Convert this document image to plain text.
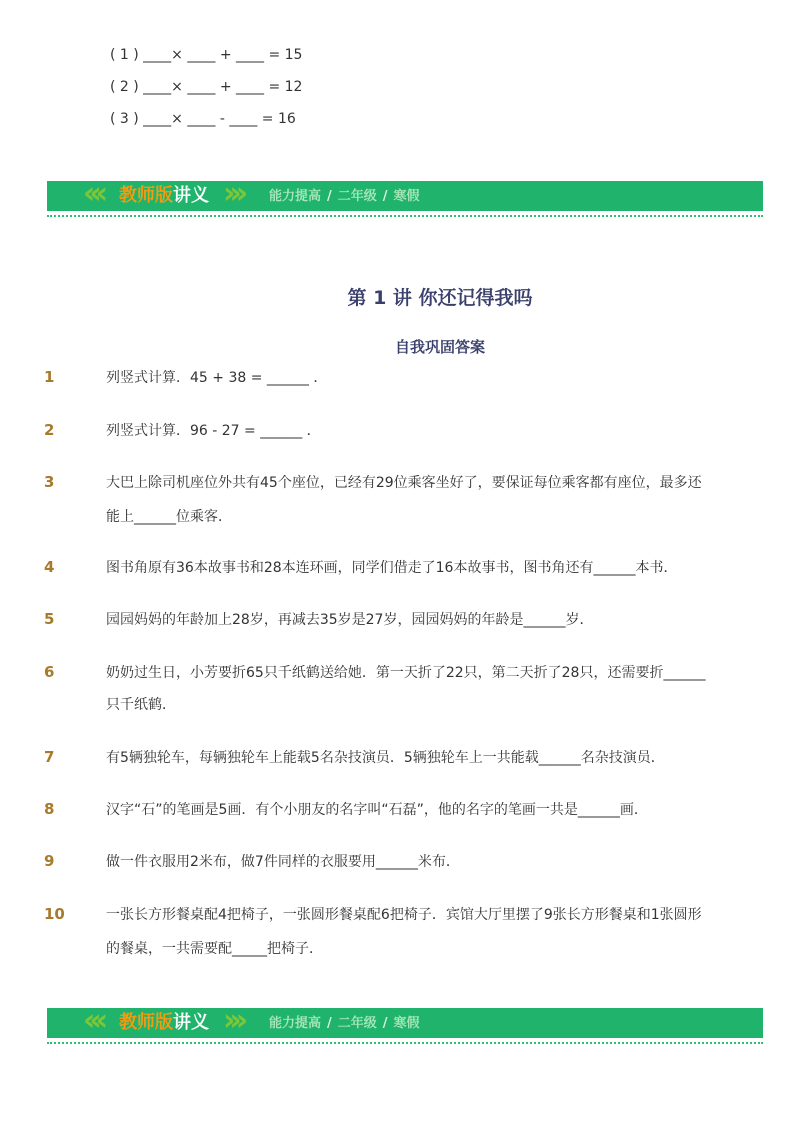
( 1 ) ____× ____ + ____ = 15
( 2 ) ____× ____ + ____ = 12
( 3 ) ____× ____ - ____ = 16
‹‹‹ 教师版讲义 ››› 能力提高 / 二年级 / 寒假
第 1 讲 你还记得我吗
自我巩固答案
1	列竖式计算．45 + 38 = ______ ．
2	列竖式计算．96 - 27 = ______ ．
3	大巴上除司机座位外共有45个座位，已经有29位乘客坐好了，要保证每位乘客都有座位，最多还
能上______位乘客．
4	图书角原有36本故事书和28本连环画，同学们借走了16本故事书，图书角还有______本书．
5	园园妈妈的年龄加上28岁，再减去35岁是27岁，园园妈妈的年龄是______岁．
6	奶奶过生日，小芳要折65只千纸鹤送给她．第一天折了22只，第二天折了28只，还需要折______
只千纸鹤．
7	有5辆独轮车，每辆独轮车上能载5名杂技演员．5辆独轮车上一共能载______名杂技演员．
8	汉字“石”的笔画是5画．有个小朋友的名字叫“石磊”，他的名字的笔画一共是______画．
9	做一件衣服用2米布，做7件同样的衣服要用______米布．
10	一张长方形餐桌配4把椅子，一张圆形餐桌配6把椅子．宾馆大厅里摆了9张长方形餐桌和1张圆形
的餐桌，一共需要配_____把椅子．
‹‹‹ 教师版讲义 ››› 能力提高 / 二年级 / 寒假
